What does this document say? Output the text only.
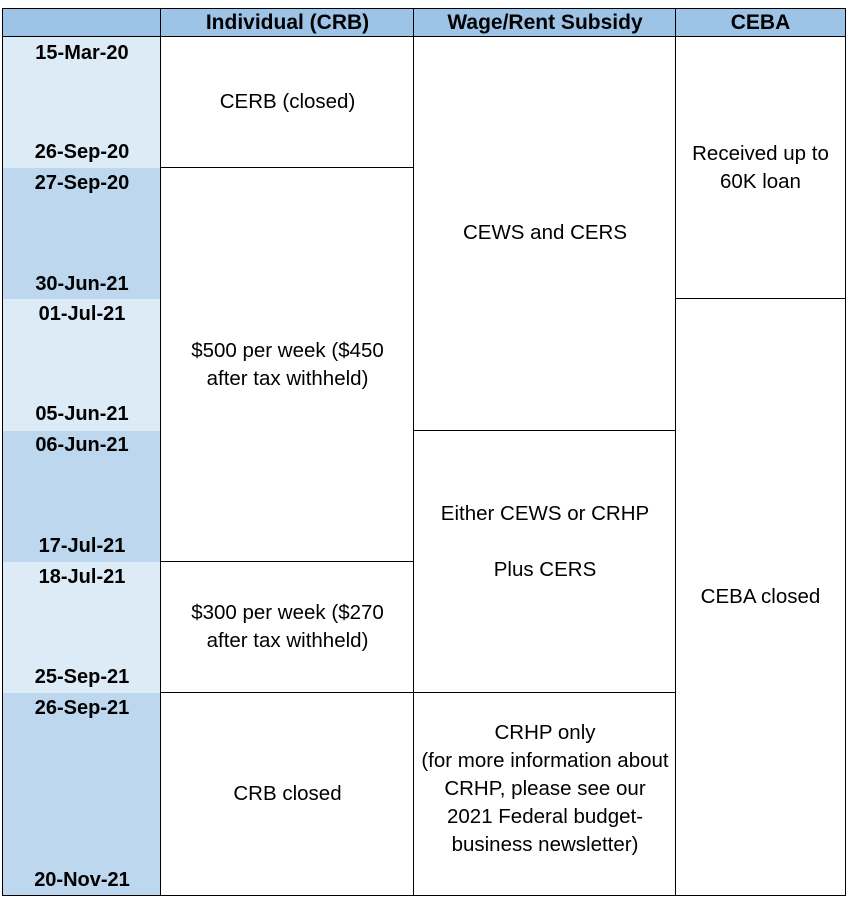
Individual (CRB)	Wage/Rent Subsidy	CEBA
15-Mar-20
26-Sep-20
27-Sep-20
30-Jun-21
01-Jul-21
05-Jun-21
06-Jun-21
17-Jul-21
18-Jul-21
25-Sep-21
26-Sep-21
20-Nov-21
CERB (closed)
$500 per week ($450 after tax withheld)
$300 per week ($270 after tax withheld)
CRB closed
CEWS and CERS
Either CEWS or CRHP
Plus CERS
CRHP only
(for more information about CRHP, please see our 2021 Federal budget-business newsletter)
Received up to 60K loan
CEBA closed
